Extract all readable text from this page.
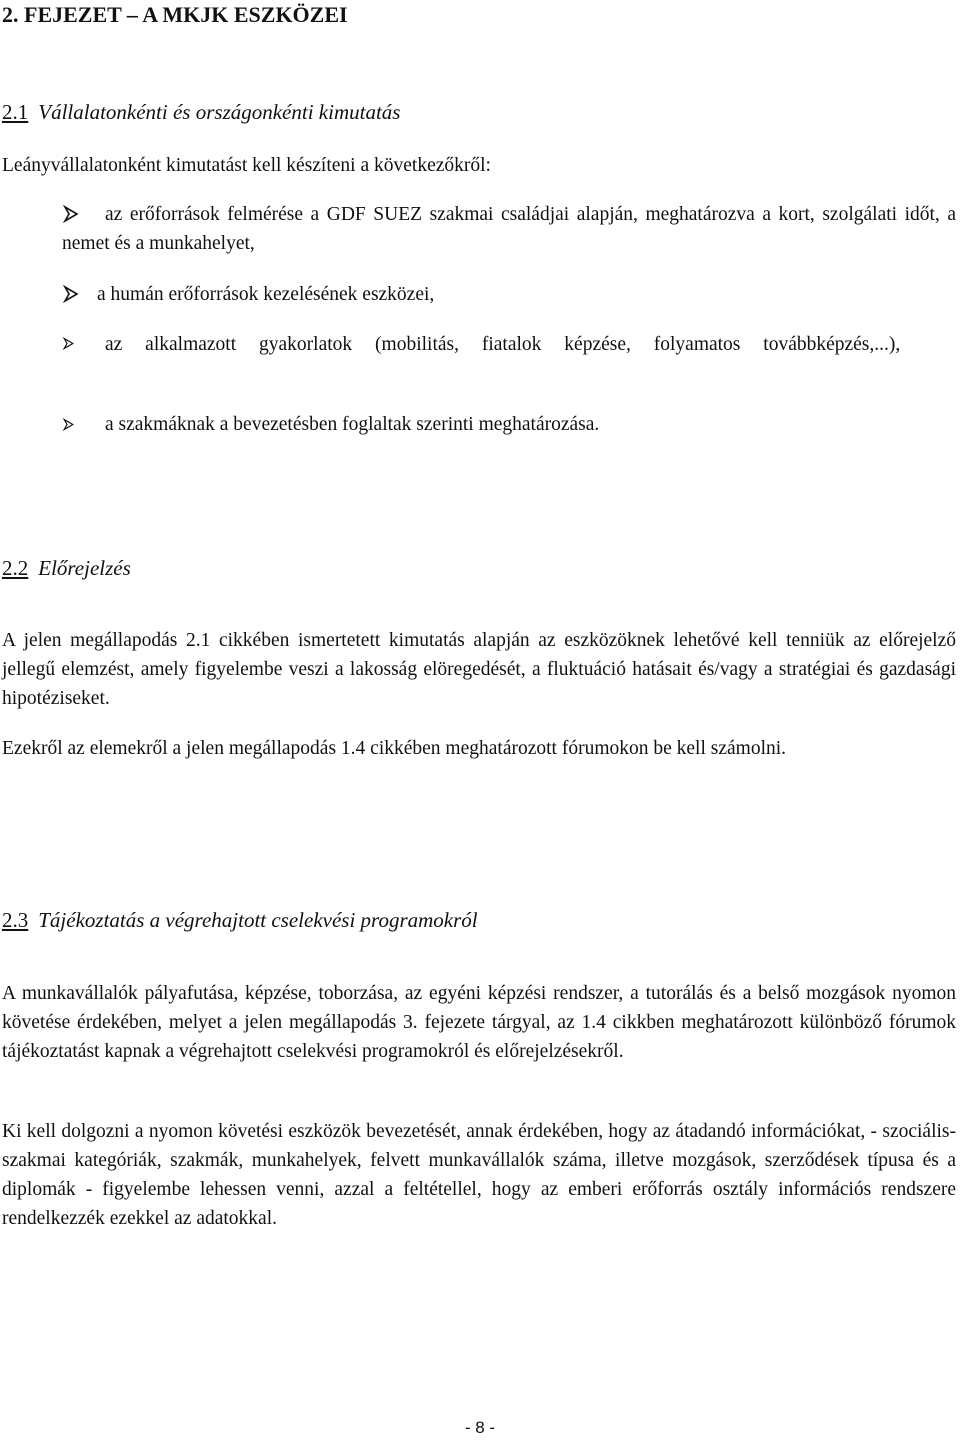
2. FEJEZET – A MKJK ESZKÖZEI
2.1 Vállalatonkénti és országonkénti kimutatás
Leányvállalatonként kimutatást kell készíteni a következőkről:
az erőforrások felmérése a GDF SUEZ szakmai családjai alapján, meghatározva a kort, szolgálati időt, a nemet és a munkahelyet,
a humán erőforrások kezelésének eszközei,
az alkalmazott gyakorlatok (mobilitás, fiatalok képzése, folyamatos továbbképzés,...),
a szakmáknak a bevezetésben foglaltak szerinti meghatározása.
2.2 Előrejelzés
A jelen megállapodás 2.1 cikkében ismertetett kimutatás alapján az eszközöknek lehetővé kell tenniük az előrejelző jellegű elemzést, amely figyelembe veszi a lakosság elöregedését, a fluktuáció hatásait és/vagy a stratégiai és gazdasági hipotéziseket.
Ezekről az elemekről a jelen megállapodás 1.4 cikkében meghatározott fórumokon be kell számolni.
2.3 Tájékoztatás a végrehajtott cselekvési programokról
A munkavállalók pályafutása, képzése, toborzása, az egyéni képzési rendszer, a tutorálás és a belső mozgások nyomon követése érdekében, melyet a jelen megállapodás 3. fejezete tárgyal, az 1.4 cikkben meghatározott különböző fórumok tájékoztatást kapnak a végrehajtott cselekvési programokról és előrejelzésekről.
Ki kell dolgozni a nyomon követési eszközök bevezetését, annak érdekében, hogy az átadandó információkat, - szociális-szakmai kategóriák, szakmák, munkahelyek, felvett munkavállalók száma, illetve mozgások, szerződések típusa és a diplomák - figyelembe lehessen venni, azzal a feltétellel, hogy az emberi erőforrás osztály információs rendszere rendelkezzék ezekkel az adatokkal.
- 8 -
